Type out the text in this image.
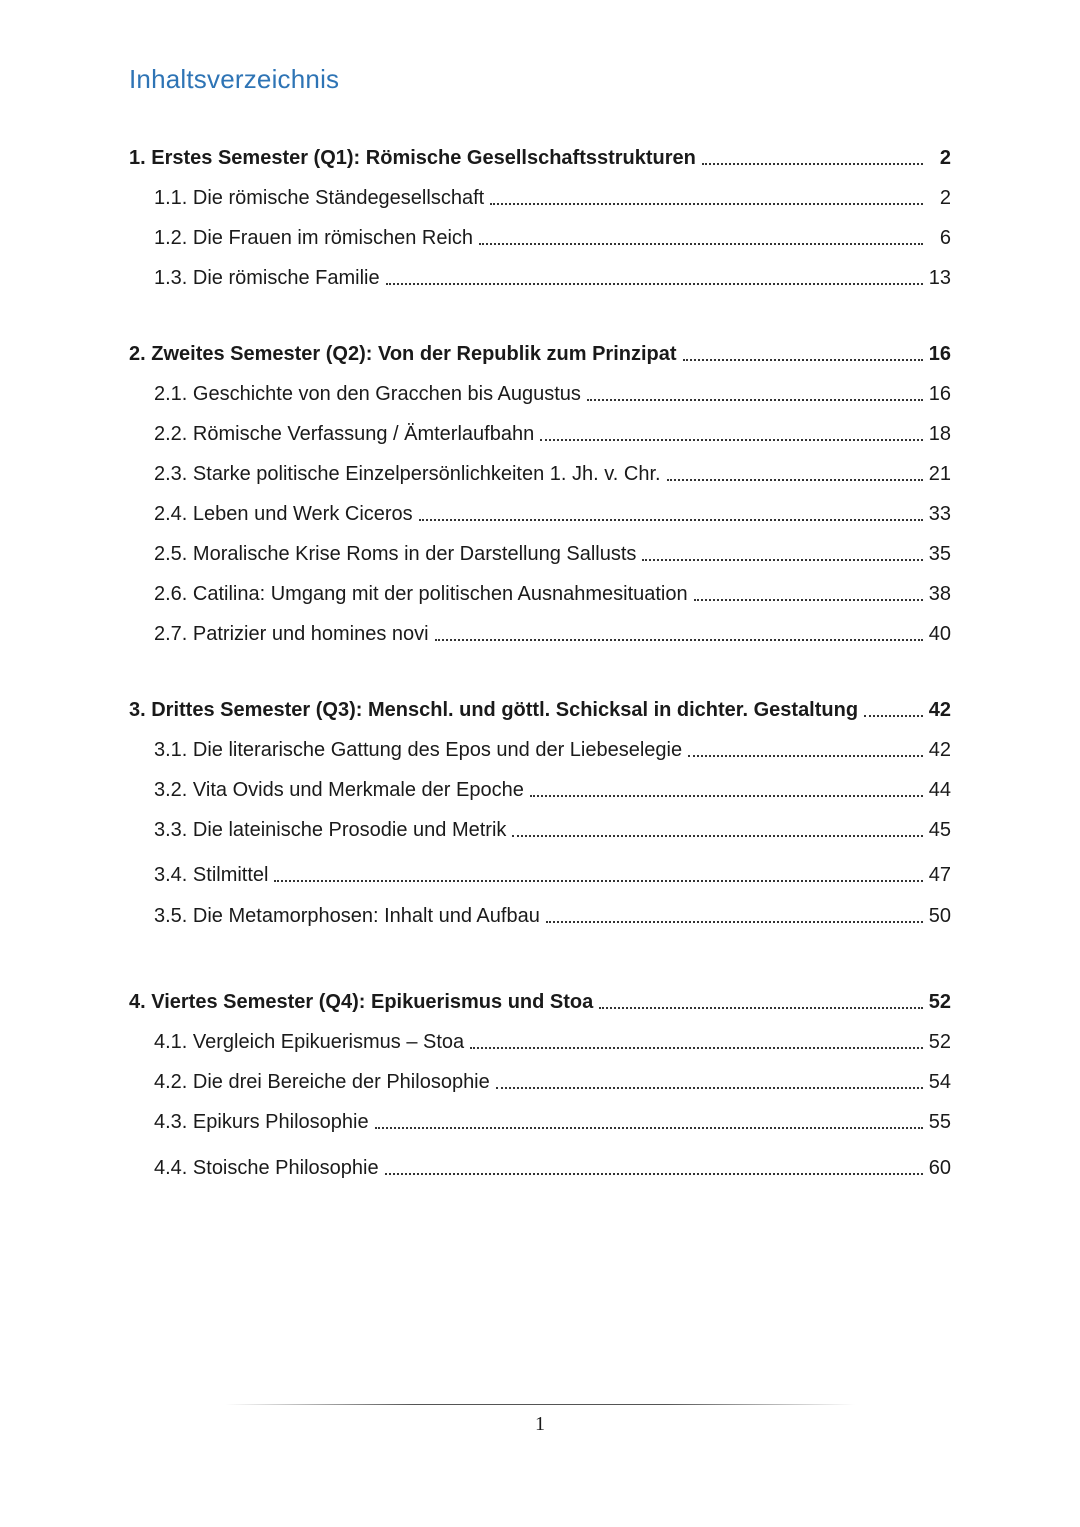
Inhaltsverzeichnis
1. Erstes Semester (Q1): Römische Gesellschaftsstrukturen	2
1.1. Die römische Ständegesellschaft	2
1.2. Die Frauen im römischen Reich	6
1.3. Die römische Familie	13
2. Zweites Semester (Q2): Von der Republik zum Prinzipat	16
2.1. Geschichte von den Gracchen bis Augustus	16
2.2. Römische Verfassung / Ämterlaufbahn	18
2.3. Starke politische Einzelpersönlichkeiten 1. Jh. v. Chr.	21
2.4. Leben und Werk Ciceros	33
2.5. Moralische Krise Roms in der Darstellung Sallusts	35
2.6. Catilina: Umgang mit der politischen Ausnahmesituation	38
2.7. Patrizier und homines novi	40
3. Drittes Semester (Q3): Menschl. und göttl. Schicksal in dichter. Gestaltung	42
3.1. Die literarische Gattung des Epos und der Liebeselegie	42
3.2. Vita Ovids und Merkmale der Epoche	44
3.3. Die lateinische Prosodie und Metrik	45
3.4. Stilmittel	47
3.5. Die Metamorphosen: Inhalt und Aufbau	50
4. Viertes Semester (Q4): Epikuerismus und Stoa	52
4.1. Vergleich Epikuerismus – Stoa	52
4.2. Die drei Bereiche der Philosophie	54
4.3. Epikurs Philosophie	55
4.4. Stoische Philosophie	60
1
